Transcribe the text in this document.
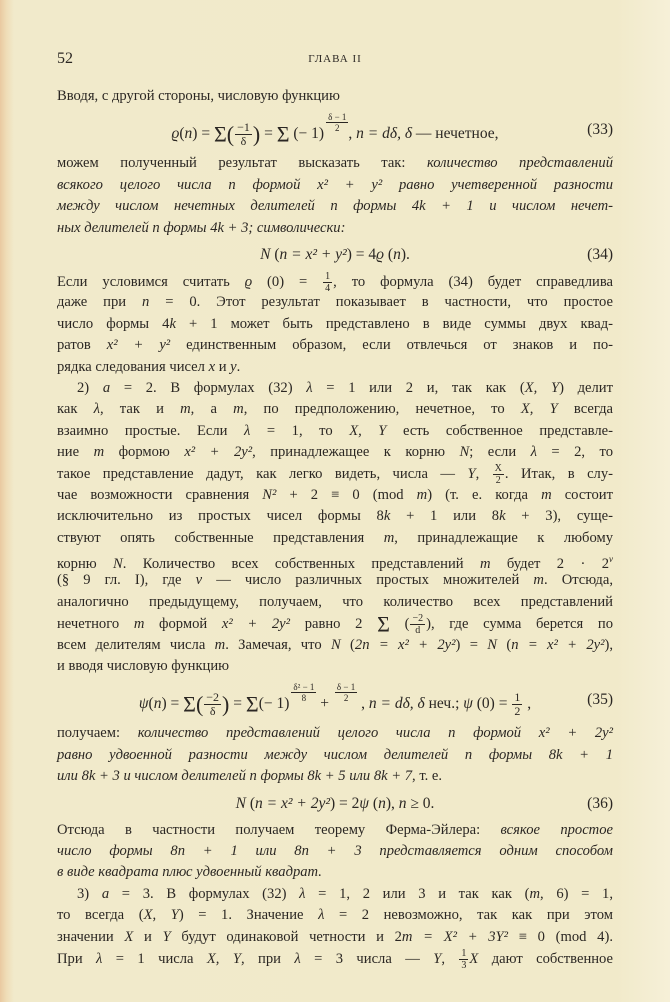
52	ГЛАВА II
Вводя, с другой стороны, числовую функцию
$ϱ(n) = \Sigma( \frac{-1}{\delta}$ ) = Σ (− 1)
$\frac{\delta - 1}{2}$
, n = dδ, δ — нечетное,	(33)
можем полученный результат высказать так: количество представлений
всякого целого числа n формой x² + y² равно учетверенной разности
между числом нечетных делителей n формы 4k + 1 и числом нечет-
ных делителей n формы 4k + 3; символически:
N (n = x² + y²) = 4ϱ (n).	(34)
Если условимся считать ϱ $(0) = \frac{1}{4}$ , то формула (34) будет справедлива
даже при n = 0. Этот результат показывает в частности, что простое
число формы 4k + 1 может быть представлено в виде суммы двух квад-
ратов x² + y² единственным образом, если отвлечься от знаков и по-
рядка следования чисел x и y.
2) a = 2. В формулах (32) λ = 1 или 2 и, так как (X, Y) делит
как λ, так и m, а m, по предположению, нечетное, то X, Y всегда
взаимно простые. Если λ = 1, то X, Y есть собственное представле-
ние m формою x² + 2y², принадлежащее к корню N; если λ = 2, то
такое представление дадут, как легко видеть, числа — Y, $\frac{X}{2}$ . Итак, в слу-
чае возможности сравнения N² + 2 ≡ 0 (mod m) (т. е. когда m состоит
исключительно из простых чисел формы 8k + 1 или 8k + 3), суще-
ствуют опять собственные представления m, принадлежащие к любому
корню N. Количество всех собственных представлений m будет $2 \cdot 2^\nu$
(§ 9 гл. I), где ν — число различных простых множителей m. Отсюда,
аналогично предыдущему, получаем, что количество всех представлений
нечетного m формой x² + 2y² равно 2 Σ ( $\frac{-2}{d}$ ), где сумма берется по
всем делителям числа m. Замечая, что N (2n = x² + 2y²) = N (n = x² + 2y²),
и вводя числовую функцию
$\psi(n) = \Sigma( \frac{-2}{\delta}$ ) = Σ(− 1)
$\frac{\text{δ² − 1}}{8}$
+
$\frac{\delta - 1}{2}$
, n = dδ, δ неч.; ψ $(0) = \frac{1}{2}$ ,	(35)
получаем: количество представлений целого числа n формой x² + 2y²
равно удвоенной разности между числом делителей n формы 8k + 1
или 8k + 3 и числом делителей n формы 8k + 5 или 8k + 7, т. е.
N (n = x² + 2y²) = 2ψ (n), n ≥ 0.	(36)
Отсюда в частности получаем теорему Ферма-Эйлера: всякое простое
число формы 8n + 1 или 8n + 3 представляется одним способом
в виде квадрата плюс удвоенный квадрат.
3) a = 3. В формулах (32) λ = 1, 2 или 3 и так как (m, 6) = 1,
то всегда (X, Y) = 1. Значение λ = 2 невозможно, так как при этом
значении X и Y будут одинаковой четности и 2m = X² + 3Y² ≡ 0 (mod 4).
При λ = 1 числа X, Y, при λ = 3 числа — Y, $\frac{1}{3}$ X дают собственное
